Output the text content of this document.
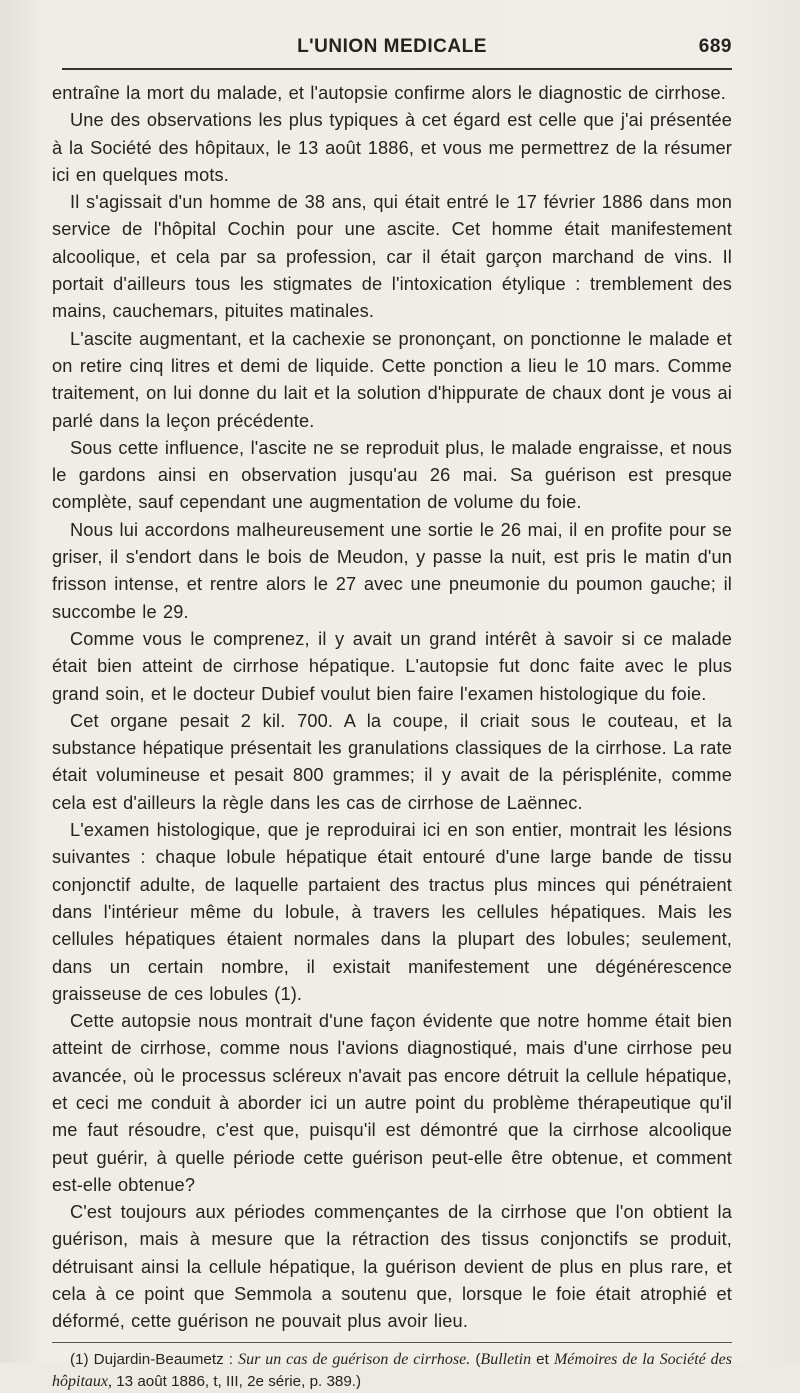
L'UNION MEDICALE	689

entraîne la mort du malade, et l'autopsie confirme alors le diagnostic de cirrhose.

Une des observations les plus typiques à cet égard est celle que j'ai présentée à la Société des hôpitaux, le 13 août 1886, et vous me permettrez de la résumer ici en quelques mots.

Il s'agissait d'un homme de 38 ans, qui était entré le 17 février 1886 dans mon service de l'hôpital Cochin pour une ascite. Cet homme était manifestement alcoolique, et cela par sa profession, car il était garçon marchand de vins. Il portait d'ailleurs tous les stigmates de l'intoxication étylique : tremblement des mains, cauchemars, pituites matinales.

L'ascite augmentant, et la cachexie se prononçant, on ponctionne le malade et on retire cinq litres et demi de liquide. Cette ponction a lieu le 10 mars. Comme traitement, on lui donne du lait et la solution d'hippurate de chaux dont je vous ai parlé dans la leçon précédente.

Sous cette influence, l'ascite ne se reproduit plus, le malade engraisse, et nous le gardons ainsi en observation jusqu'au 26 mai. Sa guérison est presque complète, sauf cependant une augmentation de volume du foie.

Nous lui accordons malheureusement une sortie le 26 mai, il en profite pour se griser, il s'endort dans le bois de Meudon, y passe la nuit, est pris le matin d'un frisson intense, et rentre alors le 27 avec une pneumonie du poumon gauche; il succombe le 29.

Comme vous le comprenez, il y avait un grand intérêt à savoir si ce malade était bien atteint de cirrhose hépatique. L'autopsie fut donc faite avec le plus grand soin, et le docteur Dubief voulut bien faire l'examen histologique du foie.

Cet organe pesait 2 kil. 700. A la coupe, il criait sous le couteau, et la substance hépatique présentait les granulations classiques de la cirrhose. La rate était volumineuse et pesait 800 grammes; il y avait de la périsplénite, comme cela est d'ailleurs la règle dans les cas de cirrhose de Laënnec.

L'examen histologique, que je reproduirai ici en son entier, montrait les lésions suivantes : chaque lobule hépatique était entouré d'une large bande de tissu conjonctif adulte, de laquelle partaient des tractus plus minces qui pénétraient dans l'intérieur même du lobule, à travers les cellules hépatiques. Mais les cellules hépatiques étaient normales dans la plupart des lobules; seulement, dans un certain nombre, il existait manifestement une dégénérescence graisseuse de ces lobules (1).

Cette autopsie nous montrait d'une façon évidente que notre homme était bien atteint de cirrhose, comme nous l'avions diagnostiqué, mais d'une cirrhose peu avancée, où le processus scléreux n'avait pas encore détruit la cellule hépatique, et ceci me conduit à aborder ici un autre point du problème thérapeutique qu'il me faut résoudre, c'est que, puisqu'il est démontré que la cirrhose alcoolique peut guérir, à quelle période cette guérison peut-elle être obtenue, et comment est-elle obtenue?

C'est toujours aux périodes commençantes de la cirrhose que l'on obtient la guérison, mais à mesure que la rétraction des tissus conjonctifs se produit, détruisant ainsi la cellule hépatique, la guérison devient de plus en plus rare, et cela à ce point que Semmola a soutenu que, lorsque le foie était atrophié et déformé, cette guérison ne pouvait plus avoir lieu.

(1) Dujardin-Beaumetz : Sur un cas de guérison de cirrhose. (Bulletin et Mémoires de la Société des hôpitaux, 13 août 1886, t, III, 2e série, p. 389.)
